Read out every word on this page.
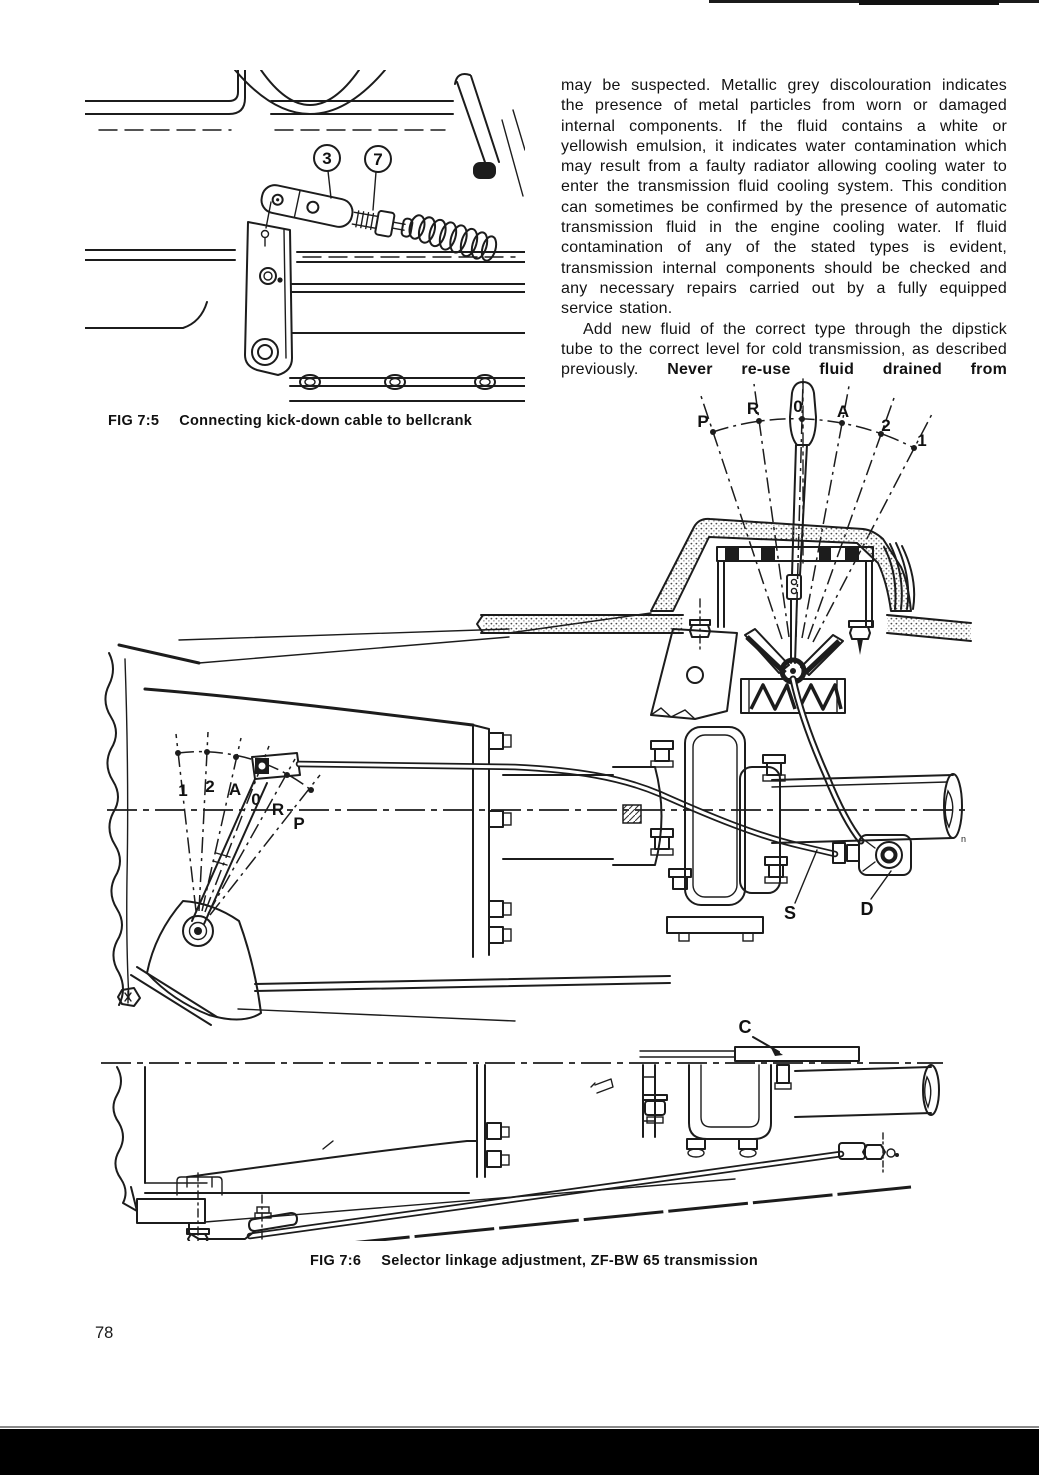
3 7
FIG 7:5 Connecting kick-down cable to bellcrank

may be suspected. Metallic grey discolouration indicates the presence of metal particles from worn or damaged internal components. If the fluid contains a white or yellowish emulsion, it indicates water contamination which may result from a faulty radiator allowing cooling water to enter the transmission fluid cooling system. This condition can sometimes be confirmed by the presence of automatic transmission fluid in the engine cooling water. If fluid contamination of any of the stated types is evident, transmission internal components should be checked and any necessary repairs carried out by a fully equipped service station.

Add new fluid of the correct type through the dipstick tube to the correct level for cold transmission, as described previously. Never re-use fluid drained from

P
R 0 A
2
1
1 2 A
0
R
P
n
S	D
C
FIG 7:6 Selector linkage adjustment, ZF-BW 65 transmission
78
